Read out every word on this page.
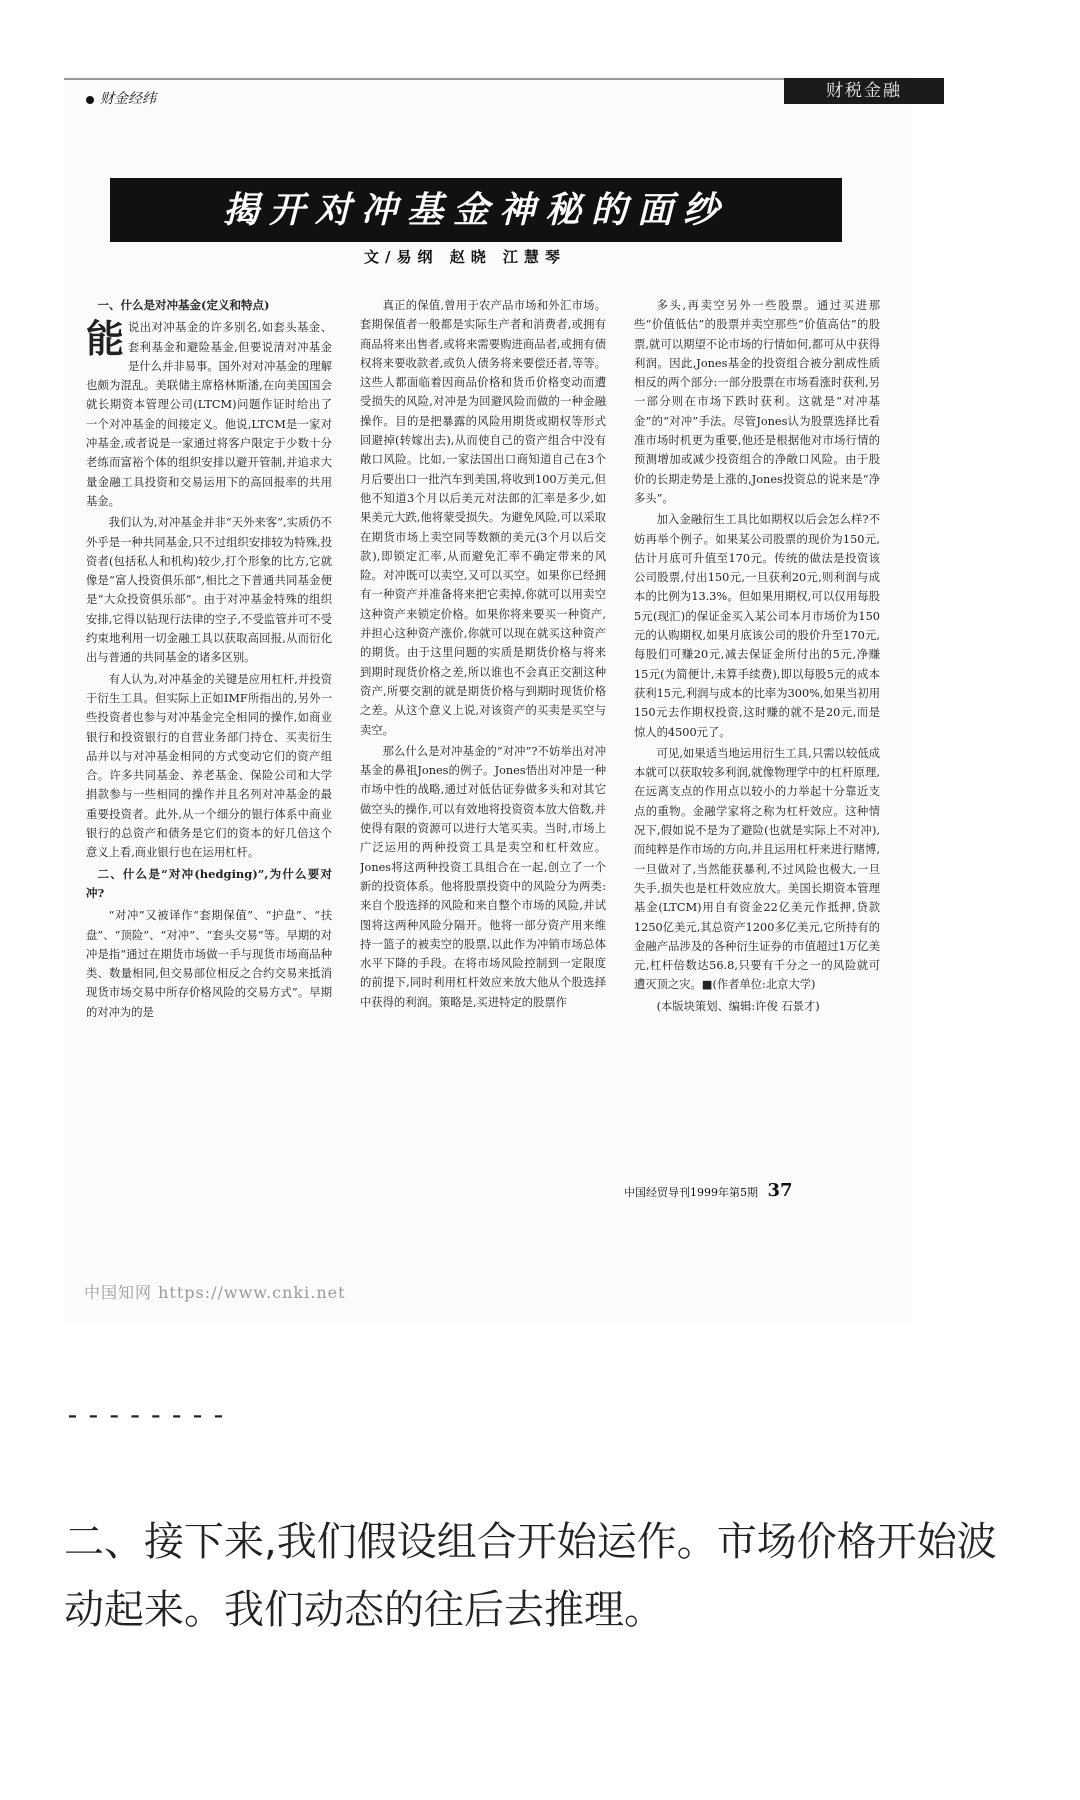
财金经纬	财税金融
揭开对冲基金神秘的面纱
文/易纲 赵晓 江慧琴
一、什么是对冲基金(定义和特点)

能说出对冲基金的许多别名,如套头基金、套利基金和避险基金,但要说清对冲基金是什么并非易事。国外对对冲基金的理解也颇为混乱。美联储主席格林斯潘,在向美国国会就长期资本管理公司(LTCM)问题作证时给出了一个对冲基金的间接定义。他说,LTCM是一家对冲基金,或者说是一家通过将客户限定于少数十分老练而富裕个体的组织安排以避开管制,并追求大量金融工具投资和交易运用下的高回报率的共用基金。

我们认为,对冲基金并非“天外来客”,实质仍不外乎是一种共同基金,只不过组织安排较为特殊,投资者(包括私人和机构)较少,打个形象的比方,它就像是“富人投资俱乐部”,相比之下普通共同基金便是“大众投资俱乐部”。由于对冲基金特殊的组织安排,它得以钻现行法律的空子,不受监管并可不受约束地利用一切金融工具以获取高回报,从而衍化出与普通的共同基金的诸多区别。

有人认为,对冲基金的关键是应用杠杆,并投资于衍生工具。但实际上正如IMF所指出的,另外一些投资者也参与对冲基金完全相同的操作,如商业银行和投资银行的自营业务部门持仓、买卖衍生品并以与对冲基金相同的方式变动它们的资产组合。许多共同基金、养老基金、保险公司和大学捐款参与一些相同的操作并且名列对冲基金的最重要投资者。此外,从一个细分的银行体系中商业银行的总资产和债务是它们的资本的好几倍这个意义上看,商业银行也在运用杠杆。

二、什么是“对冲(hedging)”,为什么要对冲?

“对冲”又被译作“套期保值”、“护盘”、“扶盘”、“顶险”、“对冲”、“套头交易”等。早期的对冲是指“通过在期货市场做一手与现货市场商品种类、数量相同,但交易部位相反之合约交易来抵消现货市场交易中所存价格风险的交易方式”。早期的对冲为的是

真正的保值,曾用于农产品市场和外汇市场。套期保值者一般都是实际生产者和消费者,或拥有商品将来出售者,或将来需要购进商品者,或拥有债权将来要收款者,或负人债务将来要偿还者,等等。这些人都面临着因商品价格和货币价格变动而遭受损失的风险,对冲是为回避风险而做的一种金融操作。目的是把暴露的风险用期货或期权等形式回避掉(转嫁出去),从而使自己的资产组合中没有敞口风险。比如,一家法国出口商知道自己在3个月后要出口一批汽车到美国,将收到100万美元,但他不知道3个月以后美元对法郎的汇率是多少,如果美元大跌,他将蒙受损失。为避免风险,可以采取在期货市场上卖空同等数额的美元(3个月以后交款),即锁定汇率,从而避免汇率不确定带来的风险。对冲既可以卖空,又可以买空。如果你已经拥有一种资产并准备将来把它卖掉,你就可以用卖空这种资产来锁定价格。如果你将来要买一种资产,并担心这种资产涨价,你就可以现在就买这种资产的期货。由于这里问题的实质是期货价格与将来到期时现货价格之差,所以谁也不会真正交割这种资产,所要交割的就是期货价格与到期时现货价格之差。从这个意义上说,对该资产的买卖是买空与卖空。

那么什么是对冲基金的“对冲”?不妨举出对冲基金的鼻祖Jones的例子。Jones悟出对冲是一种市场中性的战略,通过对低估证券做多头和对其它做空头的操作,可以有效地将投资资本放大倍数,并使得有限的资源可以进行大笔买卖。当时,市场上广泛运用的两种投资工具是卖空和杠杆效应。Jones将这两种投资工具组合在一起,创立了一个新的投资体系。他将股票投资中的风险分为两类:来自个股选择的风险和来自整个市场的风险,并试图将这两种风险分隔开。他将一部分资产用来维持一篮子的被卖空的股票,以此作为冲销市场总体水平下降的手段。在将市场风险控制到一定限度的前提下,同时利用杠杆效应来放大他从个股选择中获得的利润。策略是,买进特定的股票作

多头,再卖空另外一些股票。通过买进那些“价值低估”的股票并卖空那些“价值高估”的股票,就可以期望不论市场的行情如何,都可从中获得利润。因此,Jones基金的投资组合被分割成性质相反的两个部分:一部分股票在市场看涨时获利,另一部分则在市场下跌时获利。这就是“对冲基金”的“对冲”手法。尽管Jones认为股票选择比看准市场时机更为重要,他还是根据他对市场行情的预测增加或减少投资组合的净敞口风险。由于股价的长期走势是上涨的,Jones投资总的说来是“净多头”。

加入金融衍生工具比如期权以后会怎么样?不妨再举个例子。如果某公司股票的现价为150元,估计月底可升值至170元。传统的做法是投资该公司股票,付出150元,一旦获利20元,则利润与成本的比例为13.3%。但如果用期权,可以仅用每股5元(现汇)的保证金买入某公司本月市场价为150元的认购期权,如果月底该公司的股价升至170元,每股们可赚20元,减去保证金所付出的5元,净赚15元(为简便计,未算手续费),即以每股5元的成本获利15元,利润与成本的比率为300%,如果当初用150元去作期权投资,这时赚的就不是20元,而是惊人的4500元了。

可见,如果适当地运用衍生工具,只需以较低成本就可以获取较多利润,就像物理学中的杠杆原理,在远离支点的作用点以较小的力举起十分靠近支点的重物。金融学家将之称为杠杆效应。这种情况下,假如说不是为了避险(也就是实际上不对冲),而纯粹是作市场的方向,并且运用杠杆来进行赌博,一旦做对了,当然能获暴利,不过风险也极大,一旦失手,损失也是杠杆效应放大。美国长期资本管理基金(LTCM)用自有资金22亿美元作抵押,贷款1250亿美元,其总资产1200多亿美元,它所持有的金融产品涉及的各种衍生证券的市值超过1万亿美元,杠杆倍数达56.8,只要有千分之一的风险就可遭灭顶之灾。■(作者单位:北京大学)

(本版块策划、编辑:许俊 石景才)

中国经贸导刊1999年第5期 37
中国知网 https://www.cnki.net
--------
二、接下来,我们假设组合开始运作。市场价格开始波动起来。我们动态的往后去推理。
